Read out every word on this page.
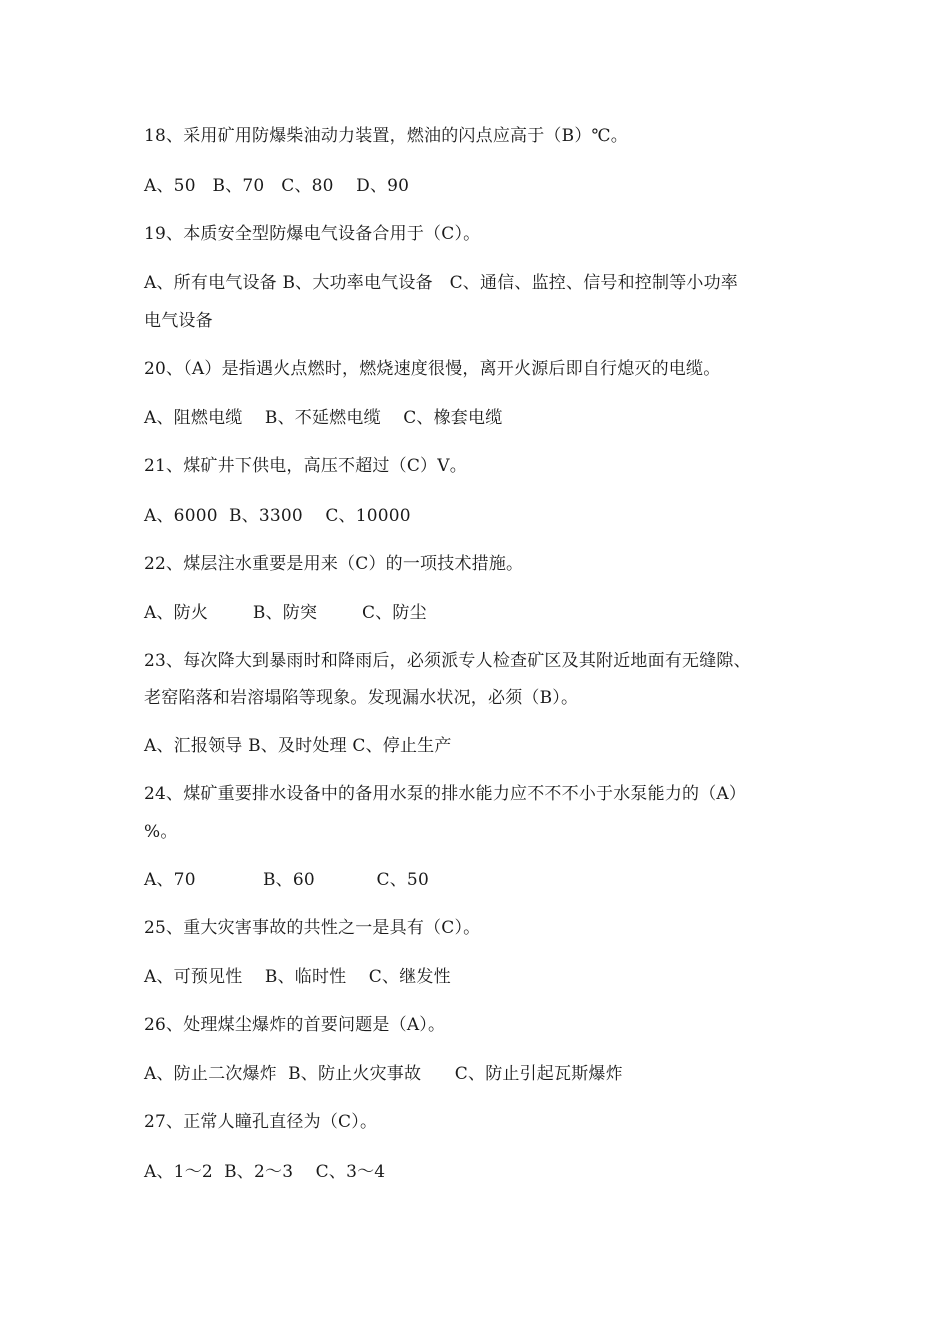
18、采用矿用防爆柴油动力装置，燃油的闪点应高于（B）℃。
A、50   B、70   C、80    D、90
19、本质安全型防爆电气设备合用于（C）。
A、所有电气设备 B、大功率电气设备   C、通信、监控、信号和控制等小功率
电气设备
20、（A）是指遇火点燃时，燃烧速度很慢，离开火源后即自行熄灭的电缆。
A、阻燃电缆    B、不延燃电缆    C、橡套电缆
21、煤矿井下供电，高压不超过（C）V。
A、6000  B、3300    C、10000
22、煤层注水重要是用来（C）的一项技术措施。
A、防火        B、防突        C、防尘
23、每次降大到暴雨时和降雨后，必须派专人检查矿区及其附近地面有无缝隙、
老窑陷落和岩溶塌陷等现象。发现漏水状况，必须（B）。
A、汇报领导 B、及时处理 C、停止生产
24、煤矿重要排水设备中的备用水泵的排水能力应不不不小于水泵能力的（A）
%。
A、70            B、60           C、50
25、重大灾害事故的共性之一是具有（C）。
A、可预见性    B、临时性    C、继发性
26、处理煤尘爆炸的首要问题是（A）。
A、防止二次爆炸  B、防止火灾事故      C、防止引起瓦斯爆炸
27、正常人瞳孔直径为（C）。
A、1～2  B、2～3    C、3～4
